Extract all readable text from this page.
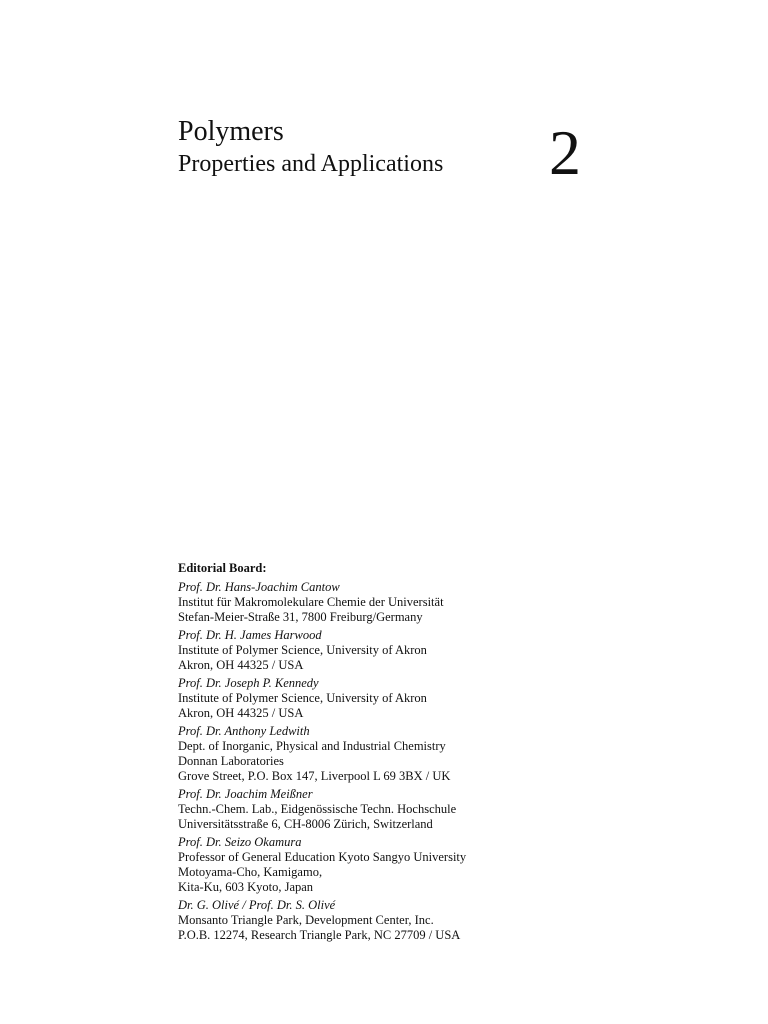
Polymers
Properties and Applications 2
Editorial Board:
Prof. Dr. Hans-Joachim Cantow
Institut für Makromolekulare Chemie der Universität
Stefan-Meier-Straße 31, 7800 Freiburg/Germany
Prof. Dr. H. James Harwood
Institute of Polymer Science, University of Akron
Akron, OH 44325 / USA
Prof. Dr. Joseph P. Kennedy
Institute of Polymer Science, University of Akron
Akron, OH 44325 / USA
Prof. Dr. Anthony Ledwith
Dept. of Inorganic, Physical and Industrial Chemistry
Donnan Laboratories
Grove Street, P.O. Box 147, Liverpool L 69 3BX / UK
Prof. Dr. Joachim Meißner
Techn.-Chem. Lab., Eidgenössische Techn. Hochschule
Universitätsstraße 6, CH-8006 Zürich, Switzerland
Prof. Dr. Seizo Okamura
Professor of General Education Kyoto Sangyo University
Motoyama-Cho, Kamigamo,
Kita-Ku, 603 Kyoto, Japan
Dr. G. Olivé / Prof. Dr. S. Olivé
Monsanto Triangle Park, Development Center, Inc.
P.O.B. 12274, Research Triangle Park, NC 27709 / USA
